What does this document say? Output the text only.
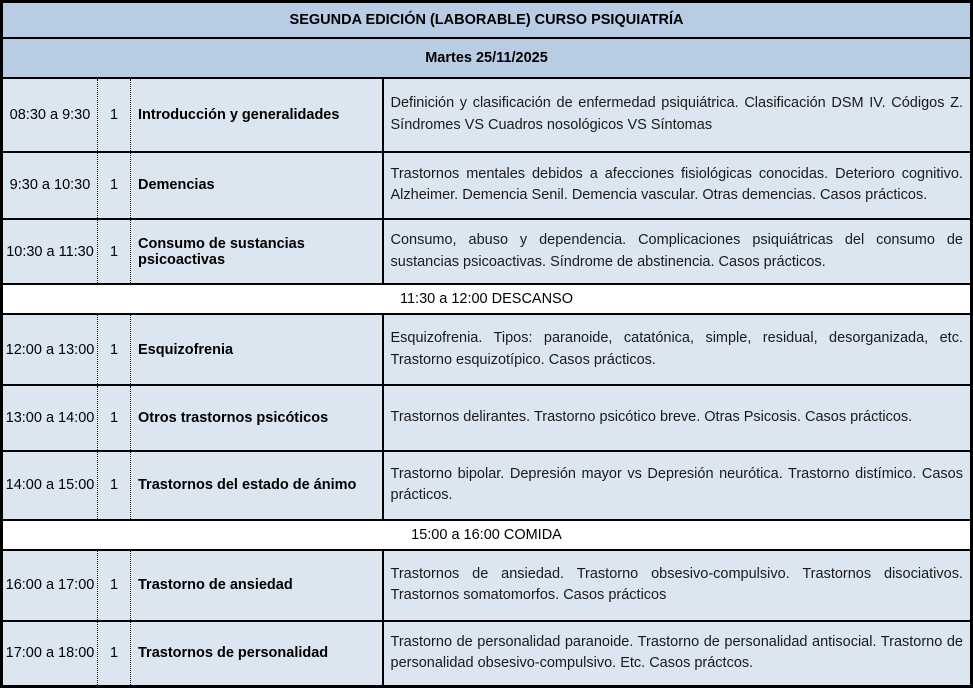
SEGUNDA EDICIÓN (LABORABLE) CURSO PSIQUIATRÍA			
Martes 25/11/2025			
08:30 a 9:30	1	Introducción y generalidades	Definición y clasificación de enfermedad psiquiátrica. Clasificación DSM IV. Códigos Z. Síndromes VS Cuadros nosológicos VS Síntomas
9:30 a 10:30	1	Demencias	Trastornos mentales debidos a afecciones fisiológicas conocidas. Deterioro cognitivo. Alzheimer. Demencia Senil. Demencia vascular. Otras demencias. Casos prácticos.
10:30 a 11:30	1	Consumo de sustancias psicoactivas	Consumo, abuso y dependencia. Complicaciones psiquiátricas del consumo de sustancias psicoactivas. Síndrome de abstinencia. Casos prácticos.
11:30 a 12:00 DESCANSO			
12:00 a 13:00	1	Esquizofrenia	Esquizofrenia. Tipos: paranoide, catatónica, simple, residual, desorganizada, etc. Trastorno esquizotípico. Casos prácticos.
13:00 a 14:00	1	Otros trastornos psicóticos	Trastornos delirantes. Trastorno psicótico breve. Otras Psicosis. Casos prácticos.
14:00 a 15:00	1	Trastornos del estado de ánimo	Trastorno bipolar. Depresión mayor vs Depresión neurótica. Trastorno distímico. Casos prácticos.
15:00 a 16:00 COMIDA			
16:00 a 17:00	1	Trastorno de ansiedad	Trastornos de ansiedad. Trastorno obsesivo-compulsivo. Trastornos disociativos. Trastornos somatomorfos. Casos prácticos
17:00 a 18:00	1	Trastornos de personalidad	Trastorno de personalidad paranoide. Trastorno de personalidad antisocial. Trastorno de personalidad obsesivo-compulsivo. Etc. Casos práctcos.
